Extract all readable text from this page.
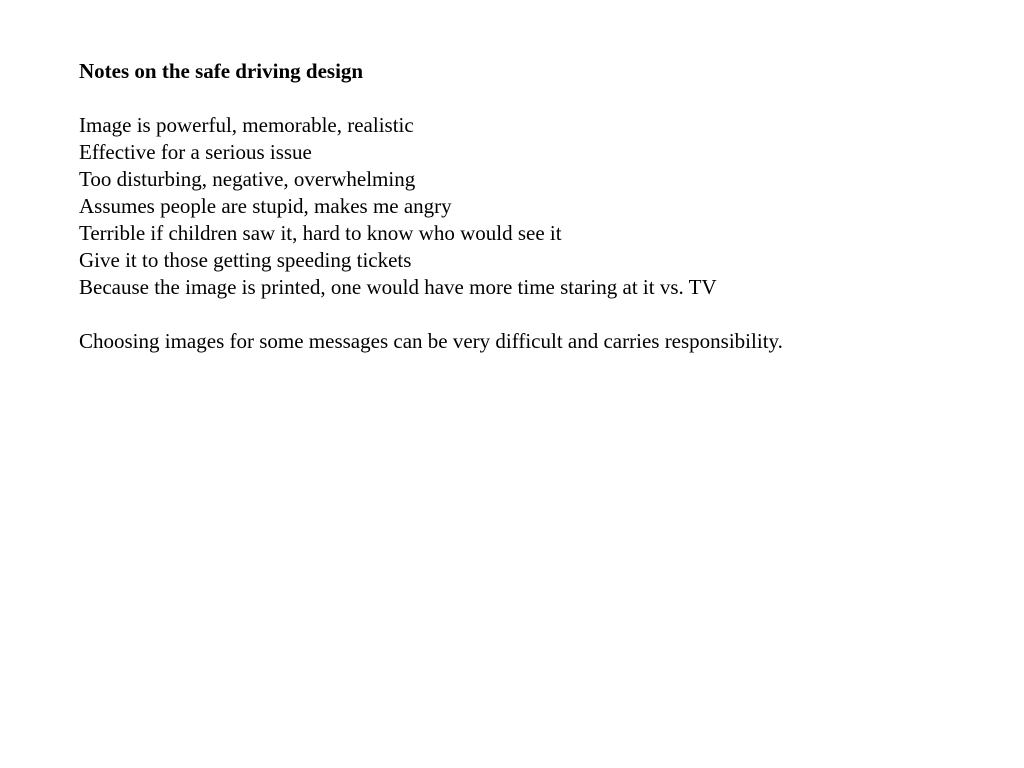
Notes on the safe driving design
Image is powerful, memorable, realistic
Effective for a serious issue
Too disturbing, negative, overwhelming
Assumes people are stupid, makes me angry
Terrible if children saw it, hard to know who would see it
Give it to those getting speeding tickets
Because the image is printed, one would have more time staring at it vs. TV

Choosing images for some messages can be very difficult and carries responsibility.
